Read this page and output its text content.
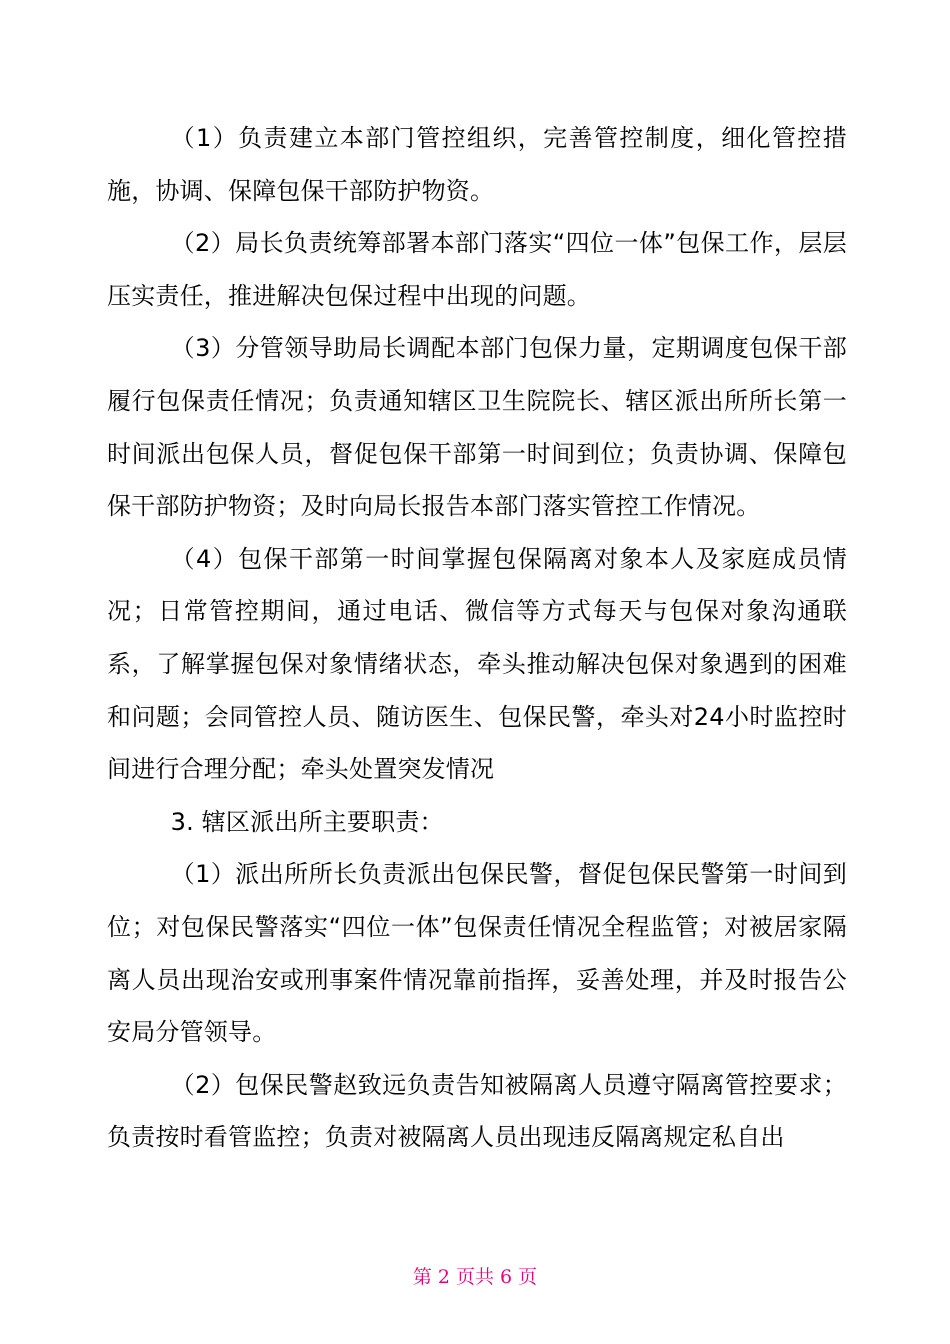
（1）负责建立本部门管控组织，完善管控制度，细化管控措施，协调、保障包保干部防护物资。

（2）局长负责统筹部署本部门落实“四位一体”包保工作，层层压实责任，推进解决包保过程中出现的问题。

（3）分管领导助局长调配本部门包保力量，定期调度包保干部履行包保责任情况；负责通知辖区卫生院院长、辖区派出所所长第一时间派出包保人员，督促包保干部第一时间到位；负责协调、保障包保干部防护物资；及时向局长报告本部门落实管控工作情况。

（4）包保干部第一时间掌握包保隔离对象本人及家庭成员情况；日常管控期间，通过电话、微信等方式每天与包保对象沟通联系，了解掌握包保对象情绪状态，牵头推动解决包保对象遇到的困难和问题；会同管控人员、随访医生、包保民警，牵头对24小时监控时间进行合理分配；牵头处置突发情况

3. 辖区派出所主要职责：

（1）派出所所长负责派出包保民警，督促包保民警第一时间到位；对包保民警落实“四位一体”包保责任情况全程监管；对被居家隔离人员出现治安或刑事案件情况靠前指挥，妥善处理，并及时报告公安局分管领导。

（2）包保民警赵致远负责告知被隔离人员遵守隔离管控要求；负责按时看管监控；负责对被隔离人员出现违反隔离规定私自出

第 2 页共 6 页
